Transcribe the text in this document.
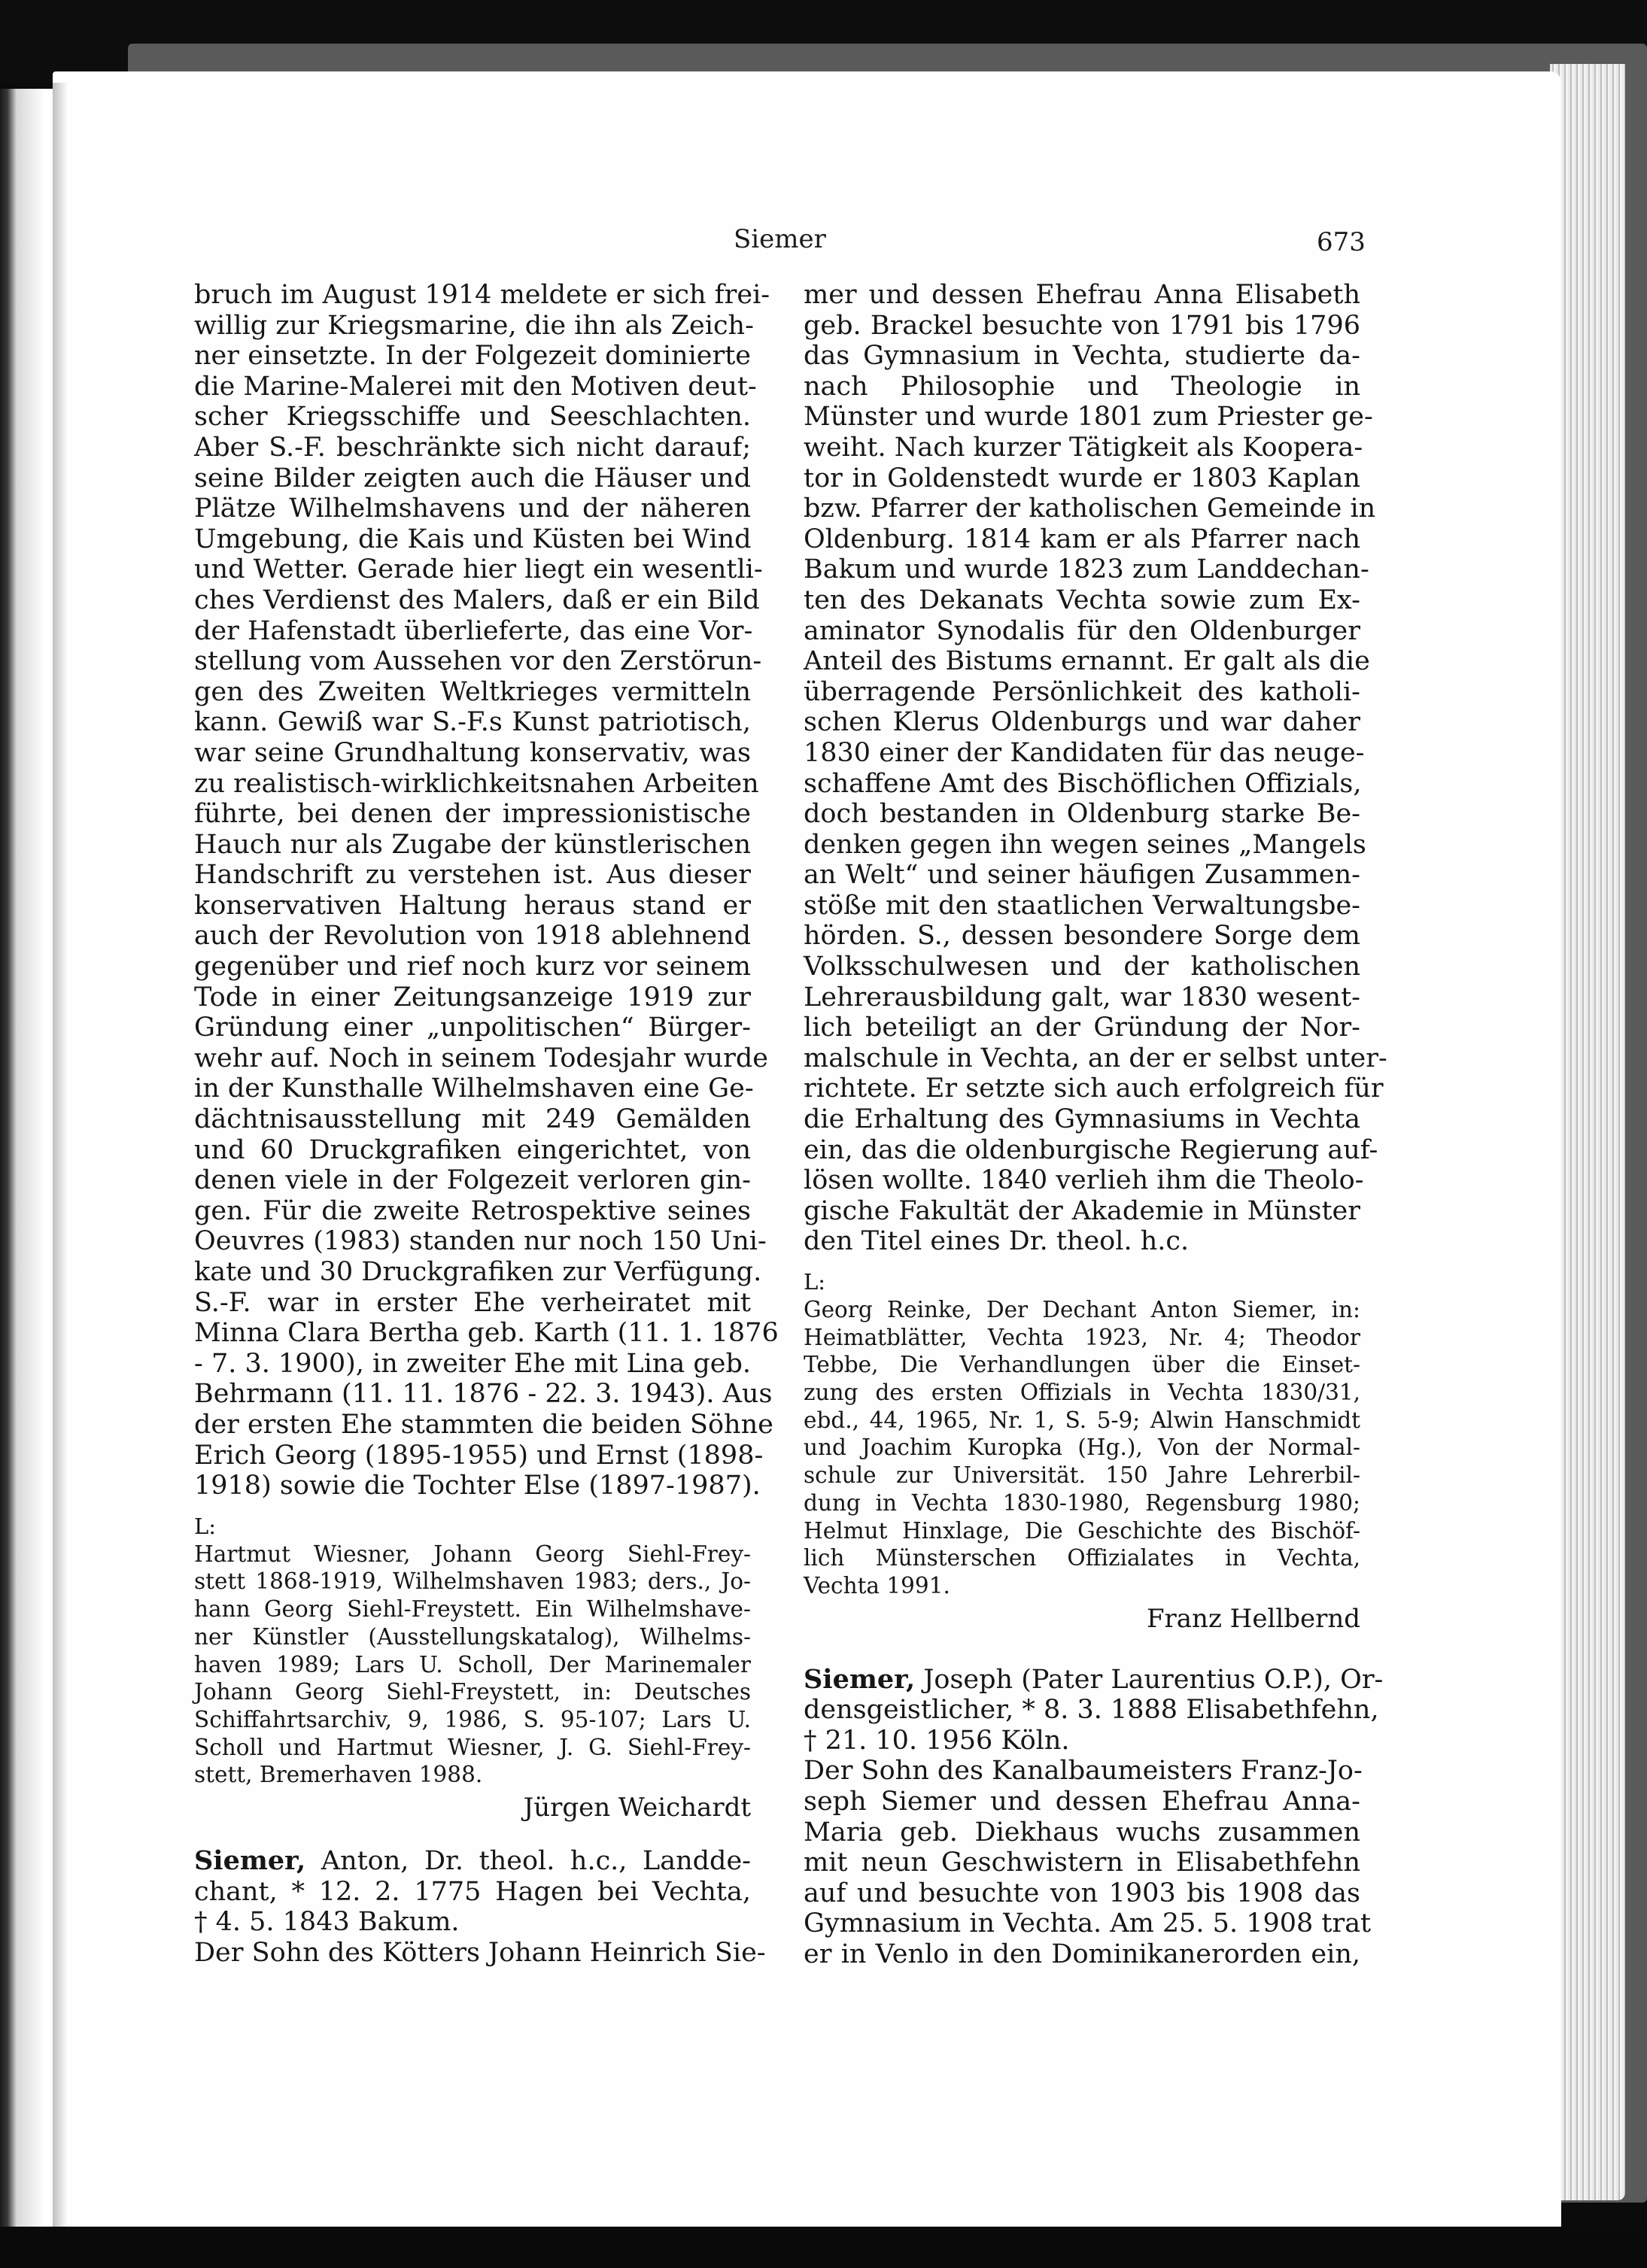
Siemer	673
bruch im August 1914 meldete er sich frei-
willig zur Kriegsmarine, die ihn als Zeich-
ner einsetzte. In der Folgezeit dominierte
die Marine-Malerei mit den Motiven deut-
scher Kriegsschiffe und Seeschlachten.
Aber S.-F. beschränkte sich nicht darauf;
seine Bilder zeigten auch die Häuser und
Plätze Wilhelmshavens und der näheren
Umgebung, die Kais und Küsten bei Wind
und Wetter. Gerade hier liegt ein wesentli-
ches Verdienst des Malers, daß er ein Bild
der Hafenstadt überlieferte, das eine Vor-
stellung vom Aussehen vor den Zerstörun-
gen des Zweiten Weltkrieges vermitteln
kann. Gewiß war S.-F.s Kunst patriotisch,
war seine Grundhaltung konservativ, was
zu realistisch-wirklichkeitsnahen Arbeiten
führte, bei denen der impressionistische
Hauch nur als Zugabe der künstlerischen
Handschrift zu verstehen ist. Aus dieser
konservativen Haltung heraus stand er
auch der Revolution von 1918 ablehnend
gegenüber und rief noch kurz vor seinem
Tode in einer Zeitungsanzeige 1919 zur
Gründung einer „unpolitischen“ Bürger-
wehr auf. Noch in seinem Todesjahr wurde
in der Kunsthalle Wilhelmshaven eine Ge-
dächtnisausstellung mit 249 Gemälden
und 60 Druckgrafiken eingerichtet, von
denen viele in der Folgezeit verloren gin-
gen. Für die zweite Retrospektive seines
Oeuvres (1983) standen nur noch 150 Uni-
kate und 30 Druckgrafiken zur Verfügung.
S.-F. war in erster Ehe verheiratet mit
Minna Clara Bertha geb. Karth (11. 1. 1876
- 7. 3. 1900), in zweiter Ehe mit Lina geb.
Behrmann (11. 11. 1876 - 22. 3. 1943). Aus
der ersten Ehe stammten die beiden Söhne
Erich Georg (1895-1955) und Ernst (1898-
1918) sowie die Tochter Else (1897-1987).
L:
Hartmut Wiesner, Johann Georg Siehl-Frey-
stett 1868-1919, Wilhelmshaven 1983; ders., Jo-
hann Georg Siehl-Freystett. Ein Wilhelmshave-
ner Künstler (Ausstellungskatalog), Wilhelms-
haven 1989; Lars U. Scholl, Der Marinemaler
Johann Georg Siehl-Freystett, in: Deutsches
Schiffahrtsarchiv, 9, 1986, S. 95-107; Lars U.
Scholl und Hartmut Wiesner, J. G. Siehl-Frey-
stett, Bremerhaven 1988.
Jürgen Weichardt
Siemer, Anton, Dr. theol. h.c., Landde-
chant, * 12. 2. 1775 Hagen bei Vechta,
† 4. 5. 1843 Bakum.
Der Sohn des Kötters Johann Heinrich Sie-
mer und dessen Ehefrau Anna Elisabeth
geb. Brackel besuchte von 1791 bis 1796
das Gymnasium in Vechta, studierte da-
nach Philosophie und Theologie in
Münster und wurde 1801 zum Priester ge-
weiht. Nach kurzer Tätigkeit als Koopera-
tor in Goldenstedt wurde er 1803 Kaplan
bzw. Pfarrer der katholischen Gemeinde in
Oldenburg. 1814 kam er als Pfarrer nach
Bakum und wurde 1823 zum Landdechan-
ten des Dekanats Vechta sowie zum Ex-
aminator Synodalis für den Oldenburger
Anteil des Bistums ernannt. Er galt als die
überragende Persönlichkeit des katholi-
schen Klerus Oldenburgs und war daher
1830 einer der Kandidaten für das neuge-
schaffene Amt des Bischöflichen Offizials,
doch bestanden in Oldenburg starke Be-
denken gegen ihn wegen seines „Mangels
an Welt“ und seiner häufigen Zusammen-
stöße mit den staatlichen Verwaltungsbe-
hörden. S., dessen besondere Sorge dem
Volksschulwesen und der katholischen
Lehrerausbildung galt, war 1830 wesent-
lich beteiligt an der Gründung der Nor-
malschule in Vechta, an der er selbst unter-
richtete. Er setzte sich auch erfolgreich für
die Erhaltung des Gymnasiums in Vechta
ein, das die oldenburgische Regierung auf-
lösen wollte. 1840 verlieh ihm die Theolo-
gische Fakultät der Akademie in Münster
den Titel eines Dr. theol. h.c.
L:
Georg Reinke, Der Dechant Anton Siemer, in:
Heimatblätter, Vechta 1923, Nr. 4; Theodor
Tebbe, Die Verhandlungen über die Einset-
zung des ersten Offizials in Vechta 1830/31,
ebd., 44, 1965, Nr. 1, S. 5-9; Alwin Hanschmidt
und Joachim Kuropka (Hg.), Von der Normal-
schule zur Universität. 150 Jahre Lehrerbil-
dung in Vechta 1830-1980, Regensburg 1980;
Helmut Hinxlage, Die Geschichte des Bischöf-
lich Münsterschen Offizialates in Vechta,
Vechta 1991.
Franz Hellbernd
Siemer, Joseph (Pater Laurentius O.P.), Or-
densgeistlicher, * 8. 3. 1888 Elisabethfehn,
† 21. 10. 1956 Köln.
Der Sohn des Kanalbaumeisters Franz-Jo-
seph Siemer und dessen Ehefrau Anna-
Maria geb. Diekhaus wuchs zusammen
mit neun Geschwistern in Elisabethfehn
auf und besuchte von 1903 bis 1908 das
Gymnasium in Vechta. Am 25. 5. 1908 trat
er in Venlo in den Dominikanerorden ein,
